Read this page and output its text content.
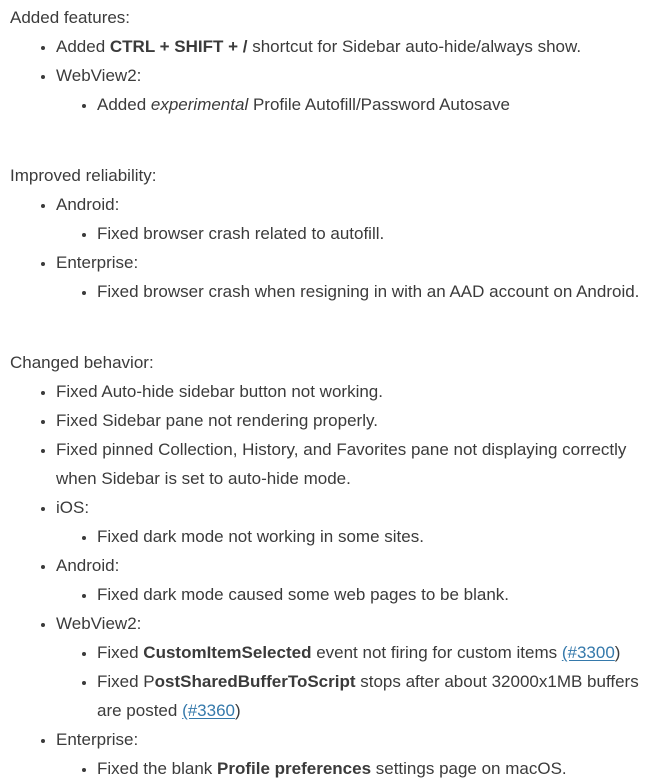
Added features:

• Added CTRL + SHIFT + / shortcut for Sidebar auto-hide/always show.
• WebView2:
• Added experimental Profile Autofill/Password Autosave

Improved reliability:

• Android:
• Fixed browser crash related to autofill.
• Enterprise:
• Fixed browser crash when resigning in with an AAD account on Android.

Changed behavior:

• Fixed Auto-hide sidebar button not working.
• Fixed Sidebar pane not rendering properly.
• Fixed pinned Collection, History, and Favorites pane not displaying correctly when Sidebar is set to auto-hide mode.
• iOS:
• Fixed dark mode not working in some sites.
• Android:
• Fixed dark mode caused some web pages to be blank.
• WebView2:
• Fixed CustomItemSelected event not firing for custom items (#3300)
• Fixed PostSharedBufferToScript stops after about 32000x1MB buffers are posted (#3360)
• Enterprise:
• Fixed the blank Profile preferences settings page on macOS.
